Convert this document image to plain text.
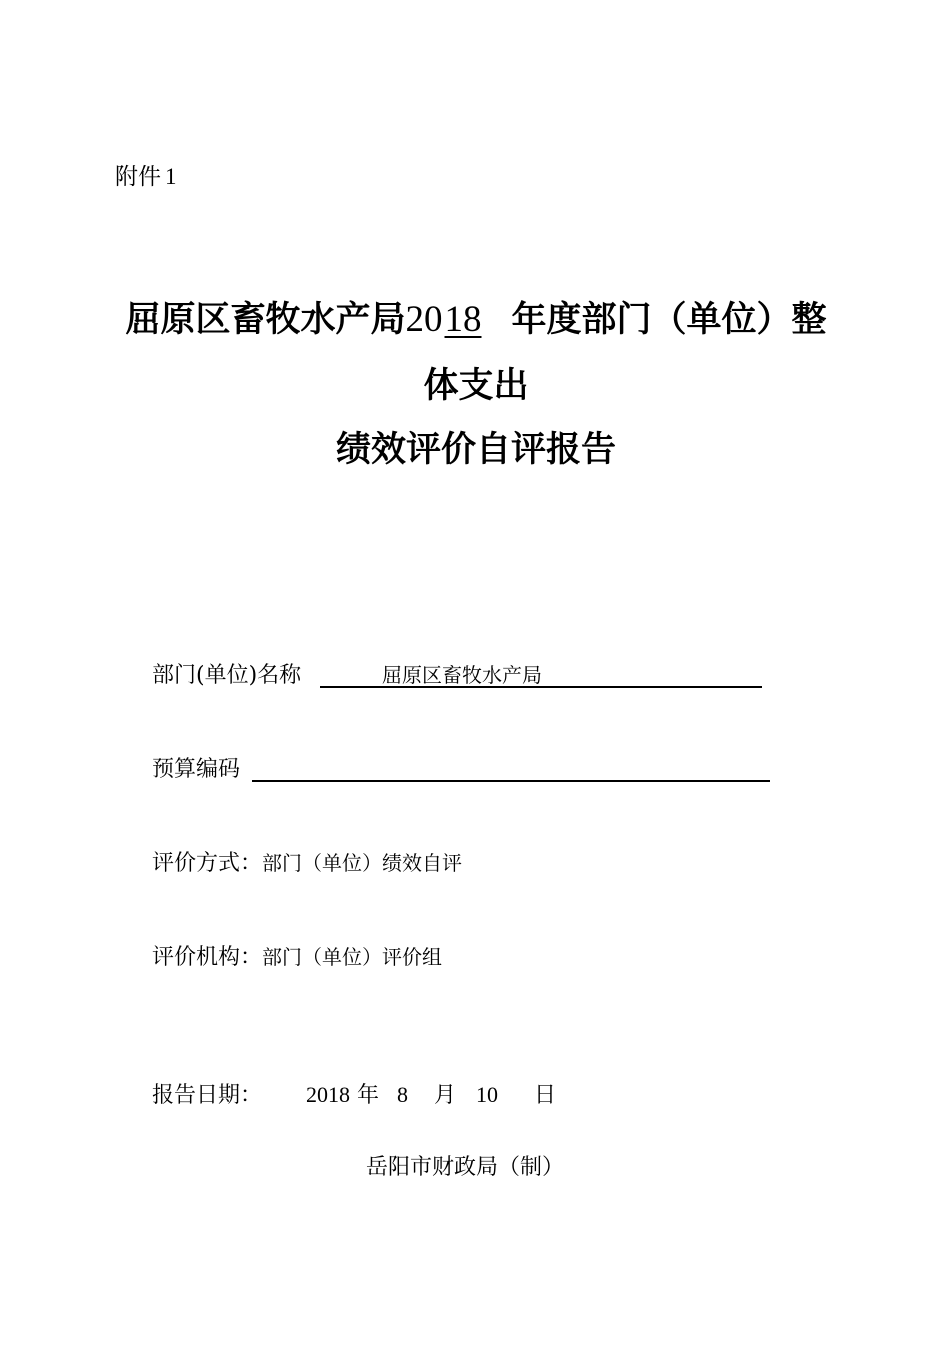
附件 1
屈原区畜牧水产局2018 年度部门（单位）整
体支出
绩效评价自评报告
部门(单位)名称	屈原区畜牧水产局
预算编码
评价方式：部门（单位）绩效自评
评价机构：部门（单位）评价组
报告日期： 2018 年 8 月 10 日
岳阳市财政局（制）
